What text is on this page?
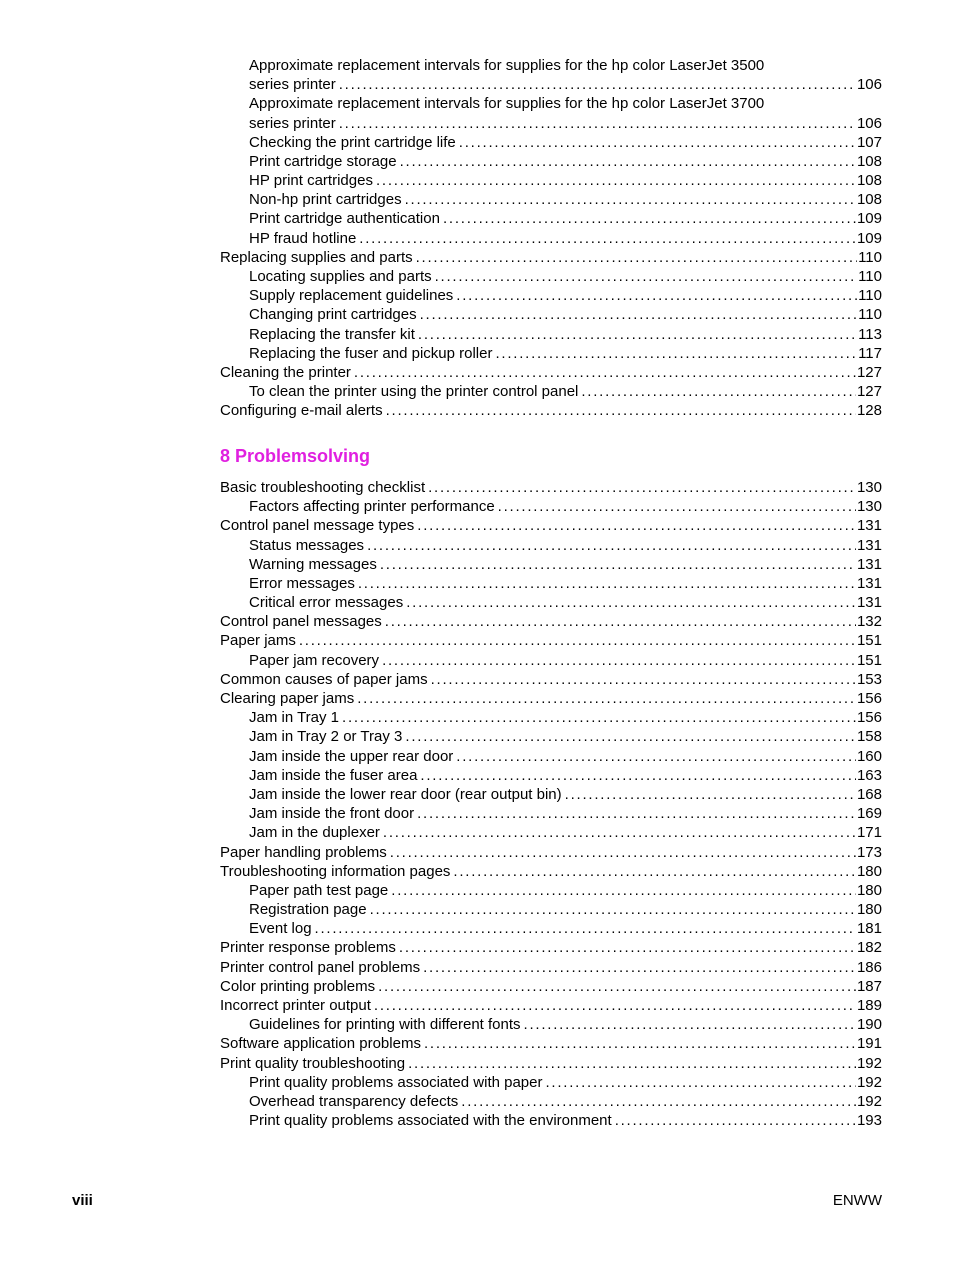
Approximate replacement intervals for supplies for the hp color LaserJet 3500
series printer . . .	106
Approximate replacement intervals for supplies for the hp color LaserJet 3700
series printer . . .	106
Checking the print cartridge life . . .	107
Print cartridge storage . . .	108
HP print cartridges . . .	108
Non-hp print cartridges . . .	108
Print cartridge authentication . . .	109
HP fraud hotline . . .	109
Replacing supplies and parts . . .	110
Locating supplies and parts . . .	110
Supply replacement guidelines . . .	110
Changing print cartridges . . .	110
Replacing the transfer kit . . .	113
Replacing the fuser and pickup roller . . .	117
Cleaning the printer . . .	127
To clean the printer using the printer control panel . . .	127
Configuring e-mail alerts . . .	128
8 Problemsolving
Basic troubleshooting checklist . . .	130
Factors affecting printer performance . . .	130
Control panel message types . . .	131
Status messages . . .	131
Warning messages . . .	131
Error messages . . .	131
Critical error messages . . .	131
Control panel messages . . .	132
Paper jams . . .	151
Paper jam recovery . . .	151
Common causes of paper jams . . .	153
Clearing paper jams . . .	156
Jam in Tray 1 . . .	156
Jam in Tray 2 or Tray 3 . . .	158
Jam inside the upper rear door . . .	160
Jam inside the fuser area . . .	163
Jam inside the lower rear door (rear output bin) . . .	168
Jam inside the front door . . .	169
Jam in the duplexer . . .	171
Paper handling problems . . .	173
Troubleshooting information pages . . .	180
Paper path test page . . .	180
Registration page . . .	180
Event log . . .	181
Printer response problems . . .	182
Printer control panel problems . . .	186
Color printing problems . . .	187
Incorrect printer output . . .	189
Guidelines for printing with different fonts . . .	190
Software application problems . . .	191
Print quality troubleshooting . . .	192
Print quality problems associated with paper . . .	192
Overhead transparency defects . . .	192
Print quality problems associated with the environment . . .	193
viii	ENWW
